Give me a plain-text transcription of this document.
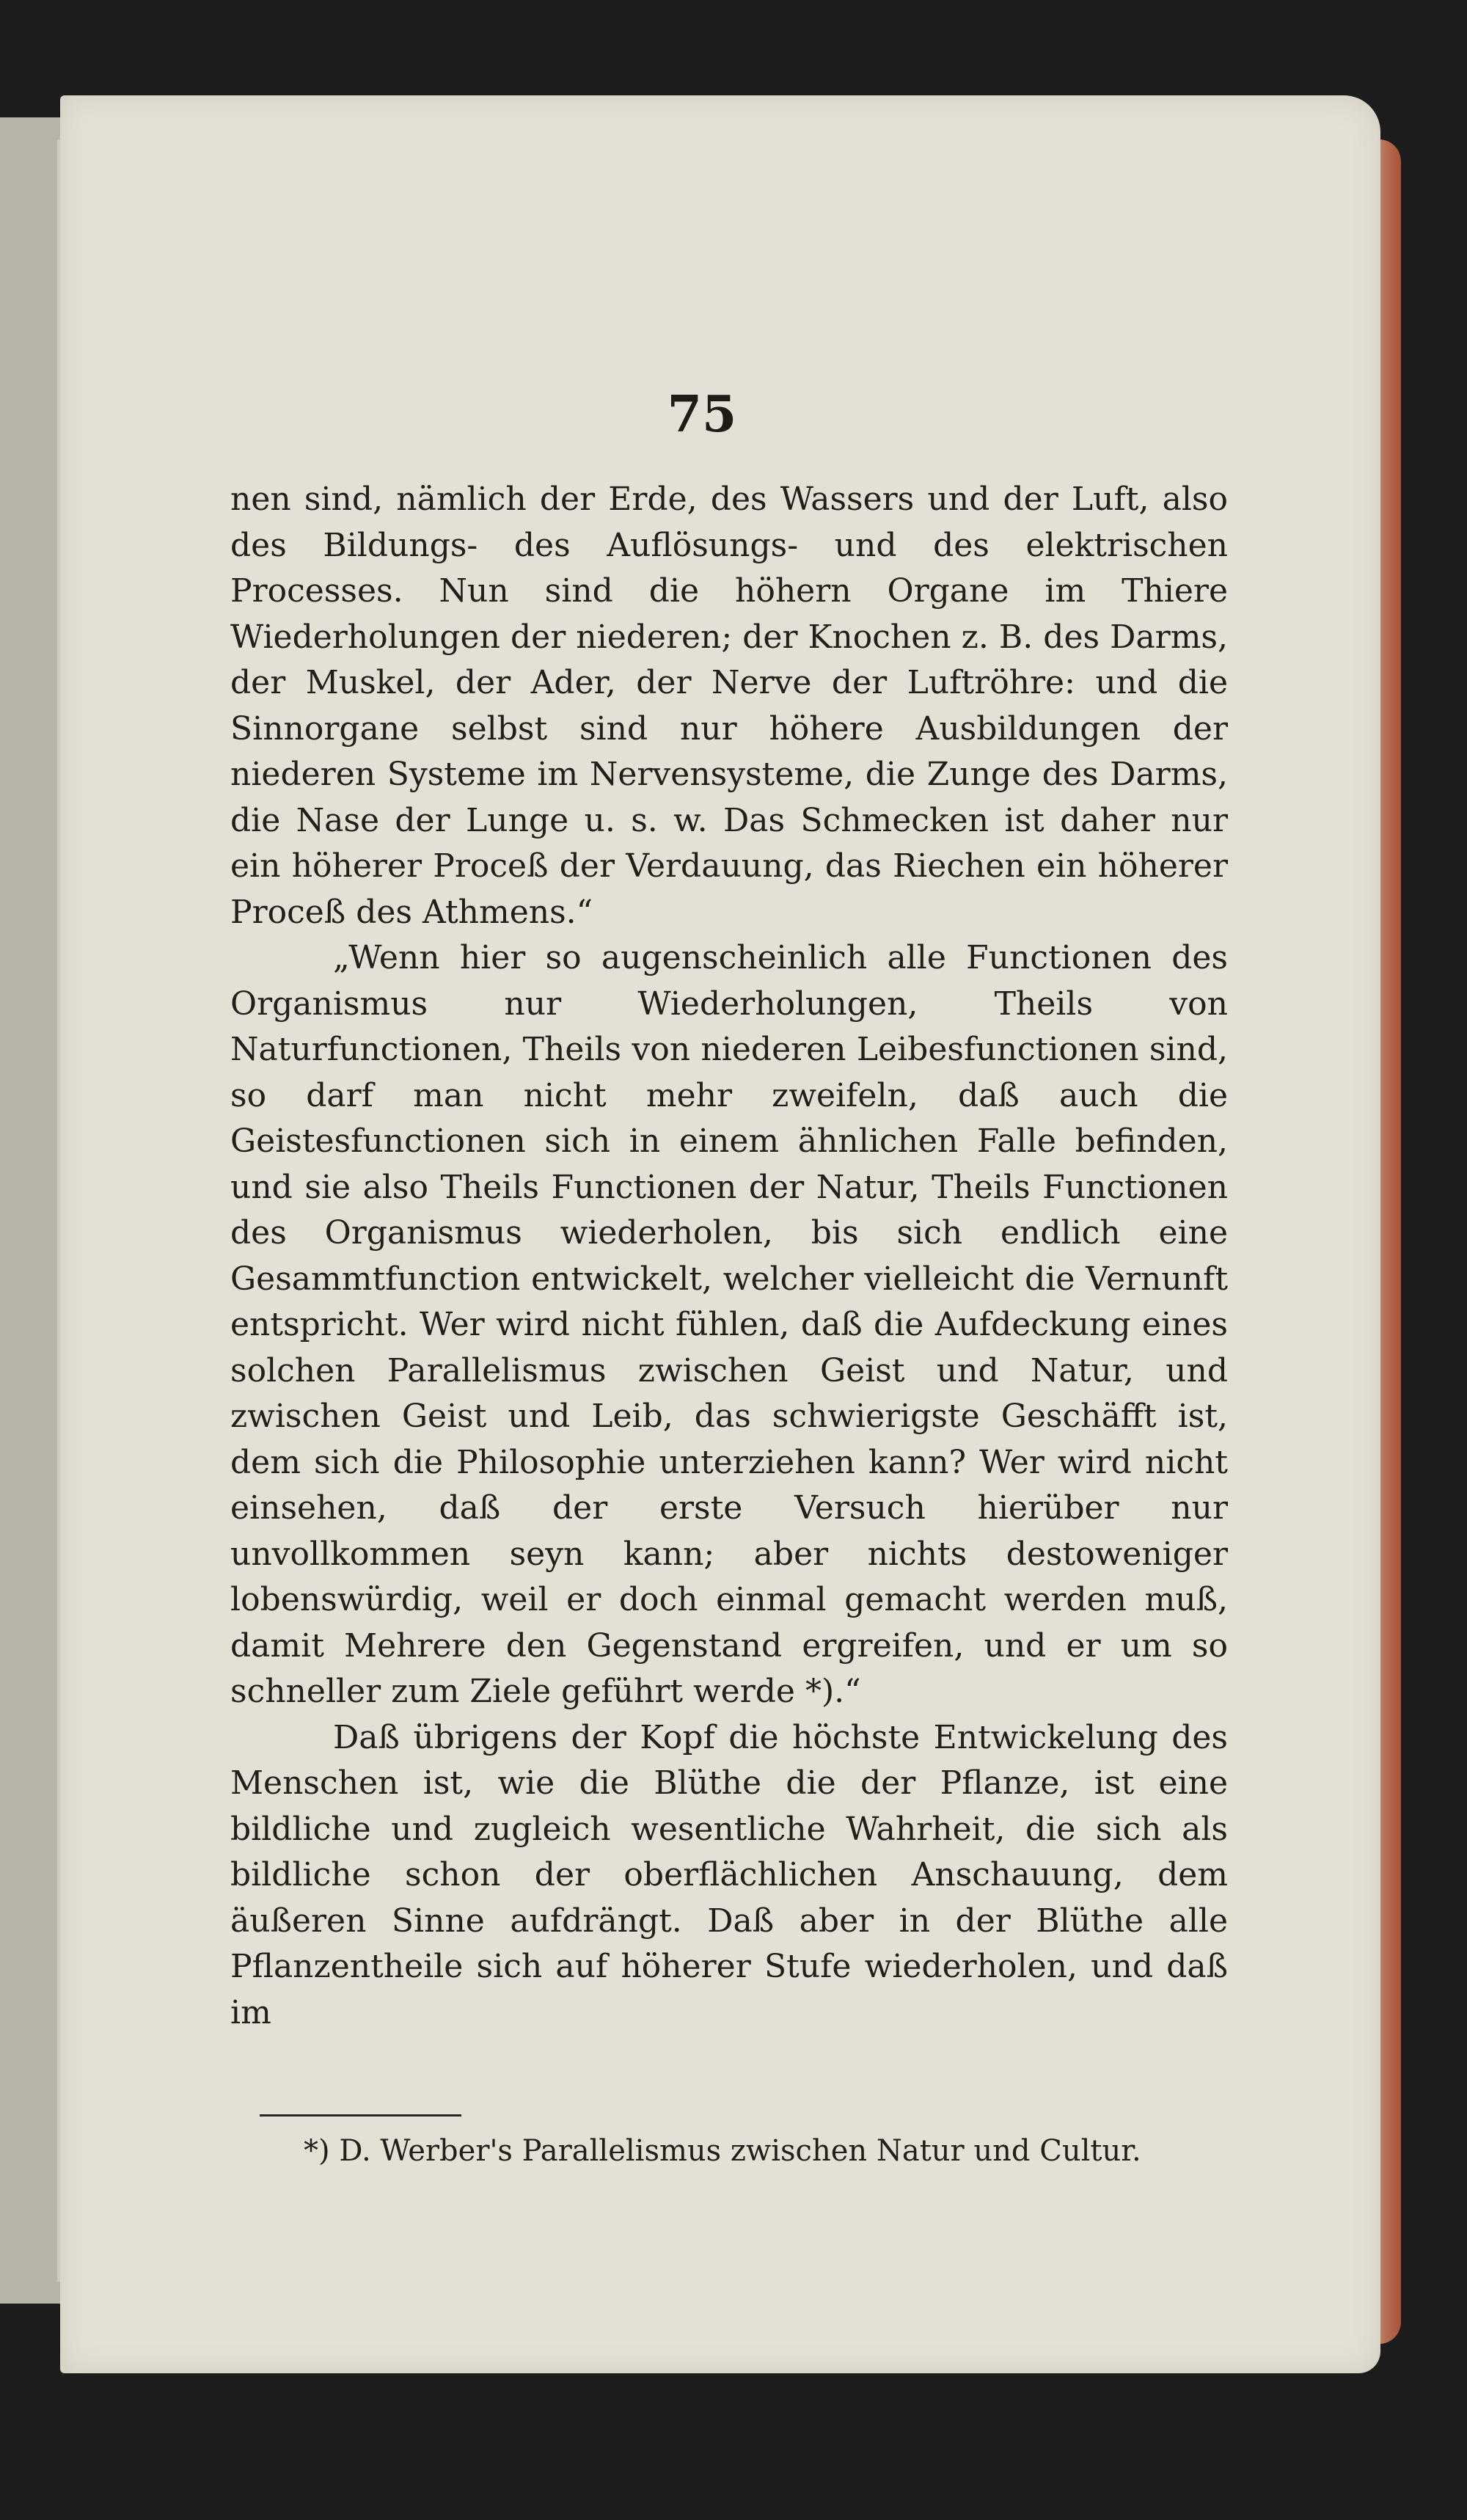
75

nen sind, nämlich der Erde, des Wassers und der Luft, also des Bildungs- des Auflösungs- und des elektrischen Processes. Nun sind die höhern Organe im Thiere Wiederholungen der niederen; der Knochen z. B. des Darms, der Muskel, der Ader, der Nerve der Luftröhre: und die Sinnorgane selbst sind nur höhere Ausbildungen der niederen Systeme im Nervensysteme, die Zunge des Darms, die Nase der Lunge u. s. w. Das Schmecken ist daher nur ein höherer Proceß der Verdauung, das Riechen ein höherer Proceß des Athmens.“

„Wenn hier so augenscheinlich alle Functionen des Organismus nur Wiederholungen, Theils von Naturfunctionen, Theils von niederen Leibesfunctionen sind, so darf man nicht mehr zweifeln, daß auch die Geistesfunctionen sich in einem ähnlichen Falle befinden, und sie also Theils Functionen der Natur, Theils Functionen des Organismus wiederholen, bis sich endlich eine Gesammtfunction entwickelt, welcher vielleicht die Vernunft entspricht. Wer wird nicht fühlen, daß die Aufdeckung eines solchen Parallelismus zwischen Geist und Natur, und zwischen Geist und Leib, das schwierigste Geschäfft ist, dem sich die Philosophie unterziehen kann? Wer wird nicht einsehen, daß der erste Versuch hierüber nur unvollkommen seyn kann; aber nichts destoweniger lobenswürdig, weil er doch einmal gemacht werden muß, damit Mehrere den Gegenstand ergreifen, und er um so schneller zum Ziele geführt werde *).“

Daß übrigens der Kopf die höchste Entwickelung des Menschen ist, wie die Blüthe die der Pflanze, ist eine bildliche und zugleich wesentliche Wahrheit, die sich als bildliche schon der oberflächlichen Anschauung, dem äußeren Sinne aufdrängt. Daß aber in der Blüthe alle Pflanzentheile sich auf höherer Stufe wiederholen, und daß im

*) D. Werber's Parallelismus zwischen Natur und Cultur.
